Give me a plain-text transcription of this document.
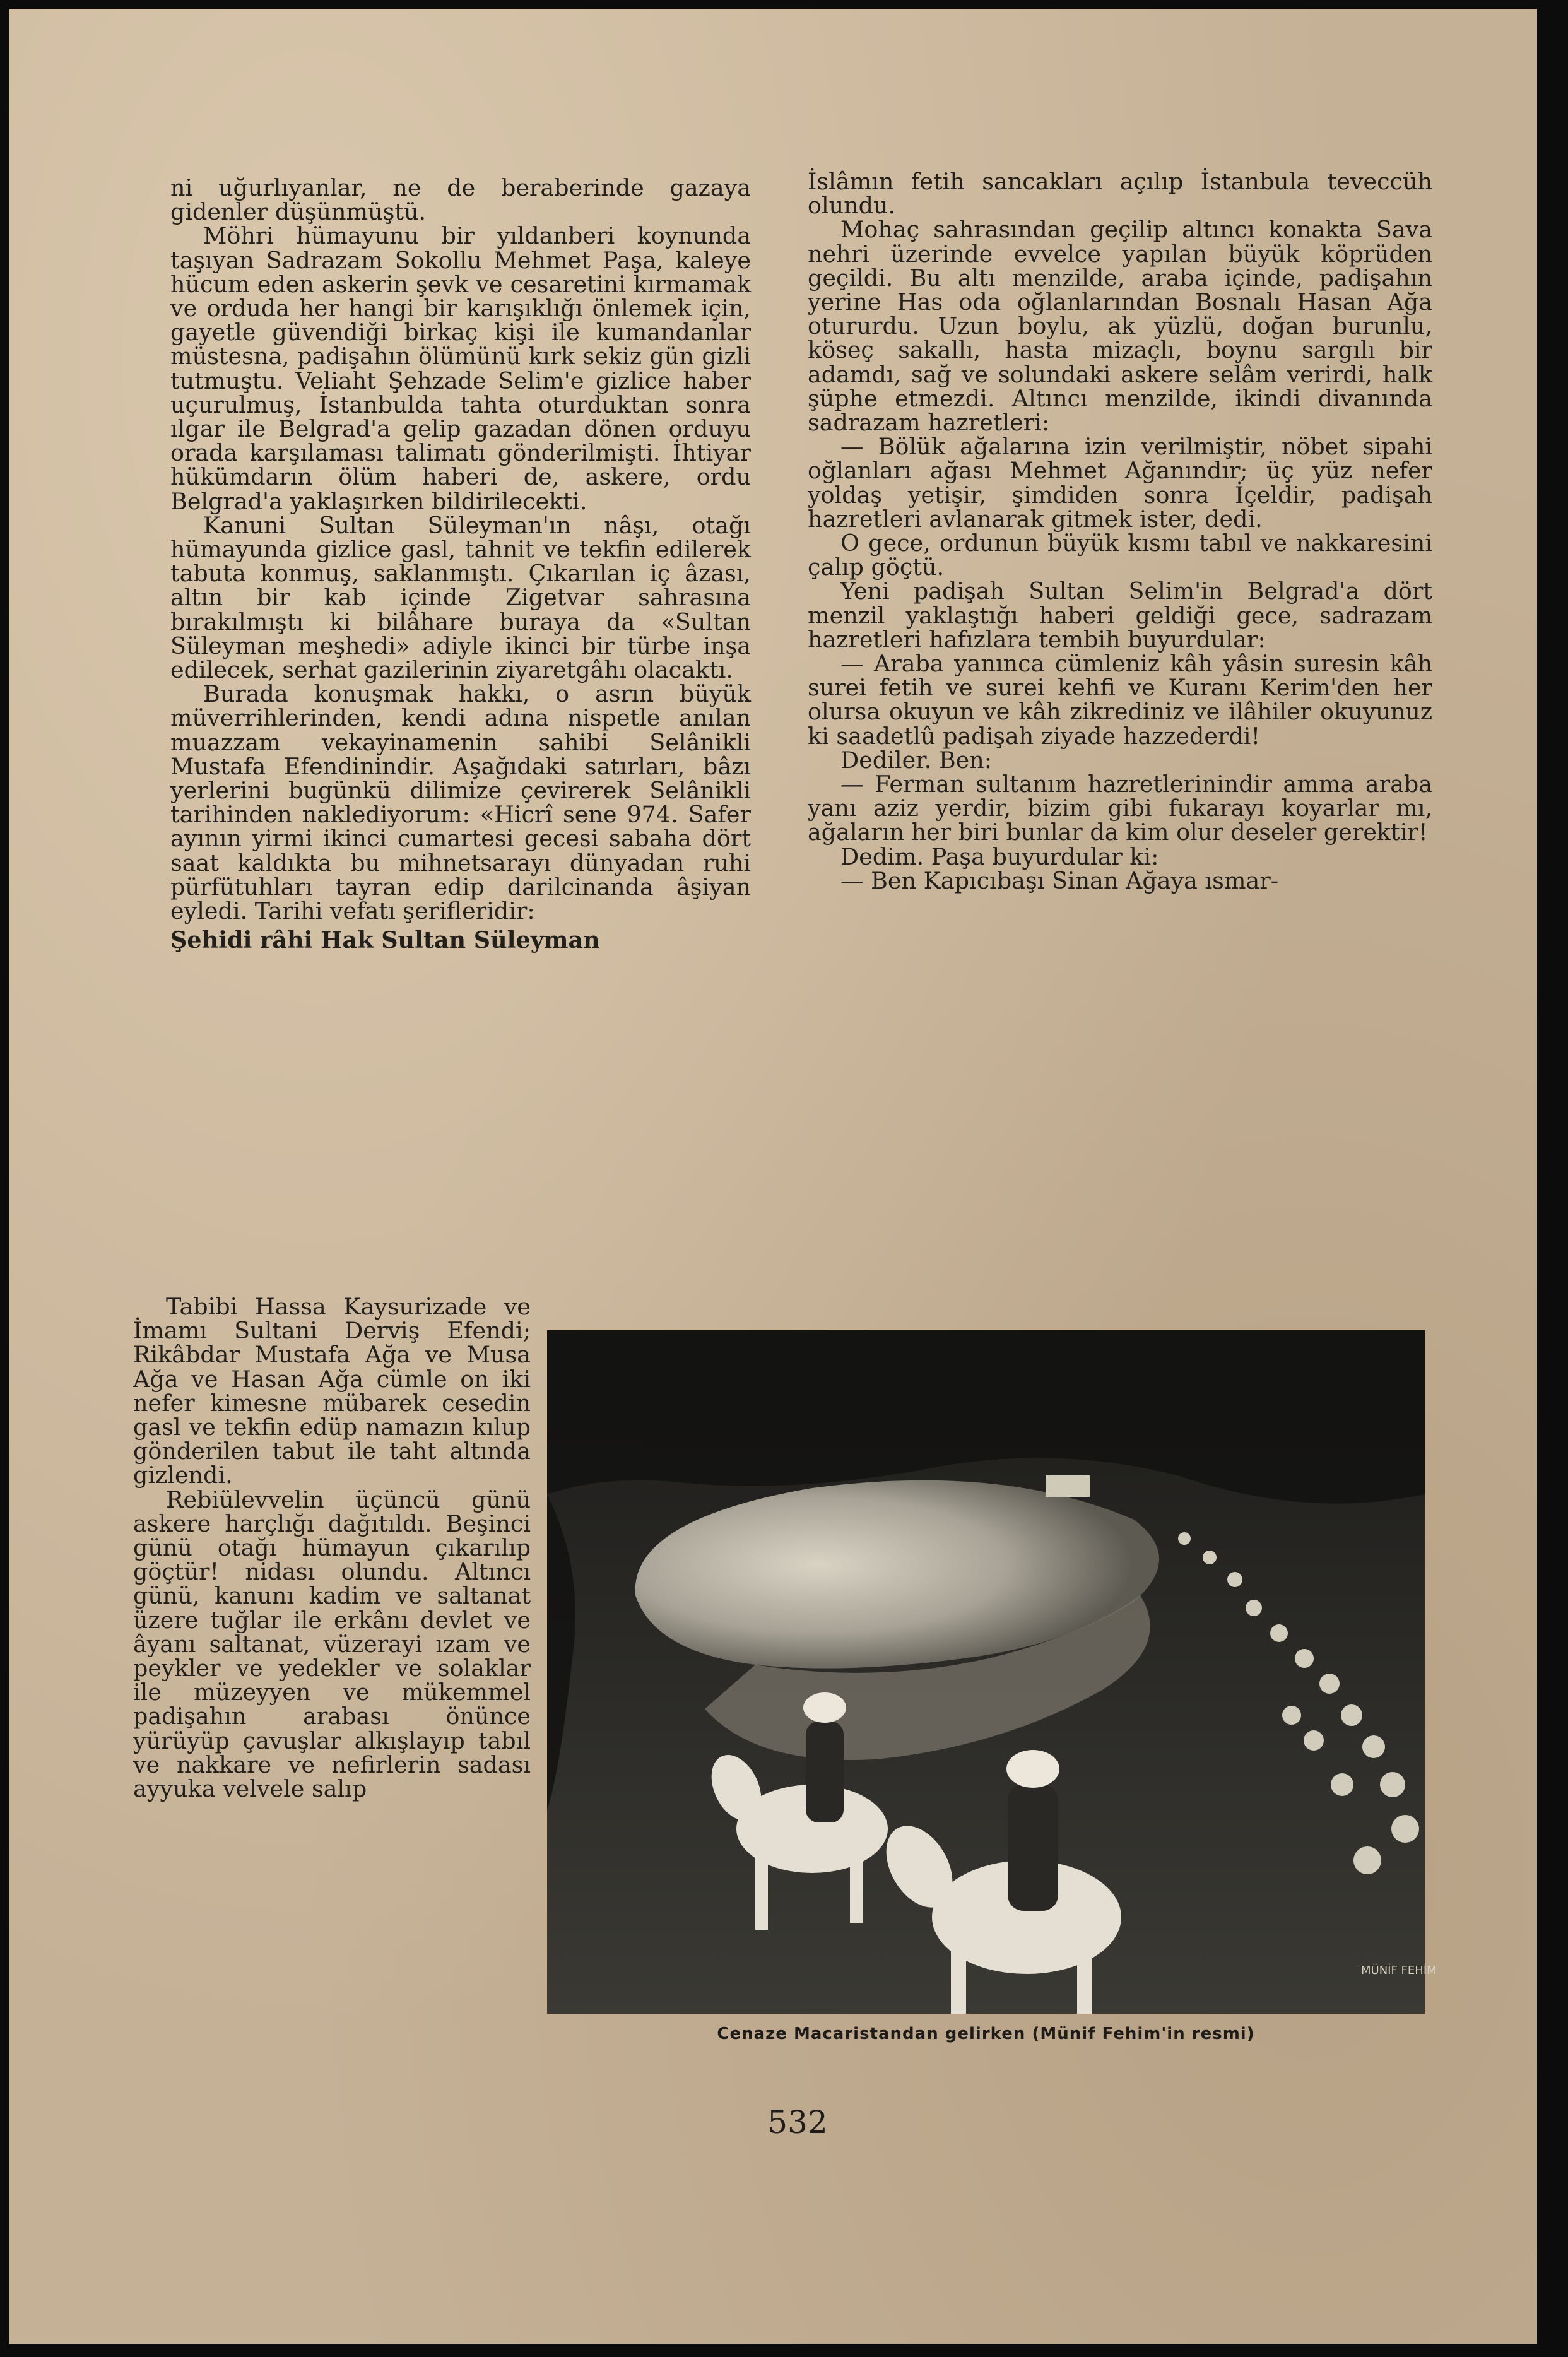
ni uğurlıyanlar, ne de beraberinde gazaya gidenler düşünmüştü.

Möhri hümayunu bir yıldanberi koynunda taşıyan Sadrazam Sokollu Mehmet Paşa, kaleye hücum eden askerin şevk ve cesaretini kırmamak ve orduda her hangi bir karışıklığı önlemek için, gayetle güvendiği birkaç kişi ile kumandanlar müstesna, padişahın ölümünü kırk sekiz gün gizli tutmuştu. Veliaht Şehzade Selim'e gizlice haber uçurulmuş, İstanbulda tahta oturduktan sonra ılgar ile Belgrad'a gelip gazadan dönen orduyu orada karşılaması talimatı gönderilmişti. İhtiyar hükümdarın ölüm haberi de, askere, ordu Belgrad'a yaklaşırken bildirilecekti.

Kanuni Sultan Süleyman'ın nâşı, otağı hümayunda gizlice gasl, tahnit ve tekfin edilerek tabuta konmuş, saklanmıştı. Çıkarılan iç âzası, altın bir kab içinde Zigetvar sahrasına bırakılmıştı ki bilâhare buraya da «Sultan Süleyman meşhedi» adiyle ikinci bir türbe inşa edilecek, serhat gazilerinin ziyaretgâhı olacaktı.

Burada konuşmak hakkı, o asrın büyük müverrihlerinden, kendi adına nispetle anılan muazzam vekayinamenin sahibi Selânikli Mustafa Efendinindir. Aşağıdaki satırları, bâzı yerlerini bugünkü dilimize çevirerek Selânikli tarihinden naklediyorum: «Hicrî sene 974. Safer ayının yirmi ikinci cumartesi gecesi sabaha dört saat kaldıkta bu mihnetsarayı dünyadan ruhi pürfütuhları tayran edip darilcinanda âşiyan eyledi. Tarihi vefatı şerifleridir:

Şehidi râhi Hak Sultan Süleyman

Tabibi Hassa Kaysurizade ve İmamı Sultani Derviş Efendi; Rikâbdar Mustafa Ağa ve Musa Ağa ve Hasan Ağa cümle on iki nefer kimesne mübarek cesedin gasl ve tekfin edüp namazın kılup gönderilen tabut ile taht altında gizlendi.

Rebiülevvelin üçüncü günü askere harçlığı dağıtıldı. Beşinci günü otağı hümayun çıkarılıp göçtür! nidası olundu. Altıncı günü, kanunı kadim ve saltanat üzere tuğlar ile erkânı devlet ve âyanı saltanat, vüzerayi ızam ve peykler ve yedekler ve solaklar ile müzeyyen ve mükemmel padişahın arabası önünce yürüyüp çavuşlar alkışlayıp tabıl ve nakkare ve nefirlerin sadası ayyuka velvele salıp

İslâmın fetih sancakları açılıp İstanbula teveccüh olundu.

Mohaç sahrasından geçilip altıncı konakta Sava nehri üzerinde evvelce yapılan büyük köprüden geçildi. Bu altı menzilde, araba içinde, padişahın yerine Has oda oğlanlarından Bosnalı Hasan Ağa otururdu. Uzun boylu, ak yüzlü, doğan burunlu, köseç sakallı, hasta mizaçlı, boynu sargılı bir adamdı, sağ ve solundaki askere selâm verirdi, halk şüphe etmezdi. Altıncı menzilde, ikindi divanında sadrazam hazretleri:

— Bölük ağalarına izin verilmiştir, nöbet sipahi oğlanları ağası Mehmet Ağanındır; üç yüz nefer yoldaş yetişir, şimdiden sonra İçeldir, padişah hazretleri avlanarak gitmek ister, dedi.

O gece, ordunun büyük kısmı tabıl ve nakkaresini çalıp göçtü.

Yeni padişah Sultan Selim'in Belgrad'a dört menzil yaklaştığı haberi geldiği gece, sadrazam hazretleri hafızlara tembih buyurdular:

— Araba yanınca cümleniz kâh yâsin suresin kâh surei fetih ve surei kehfi ve Kuranı Kerim'den her olursa okuyun ve kâh zikrediniz ve ilâhiler okuyunuz ki saadetlû padişah ziyade hazzederdi!

Dediler. Ben:

— Ferman sultanım hazretlerinindir amma araba yanı aziz yerdir, bizim gibi fukarayı koyarlar mı, ağaların her biri bunlar da kim olur deseler gerektir!

Dedim. Paşa buyurdular ki:

— Ben Kapıcıbaşı Sinan Ağaya ısmar-

MÜNİF FEHİM
Cenaze Macaristandan gelirken (Münif Fehim'in resmi)
532
